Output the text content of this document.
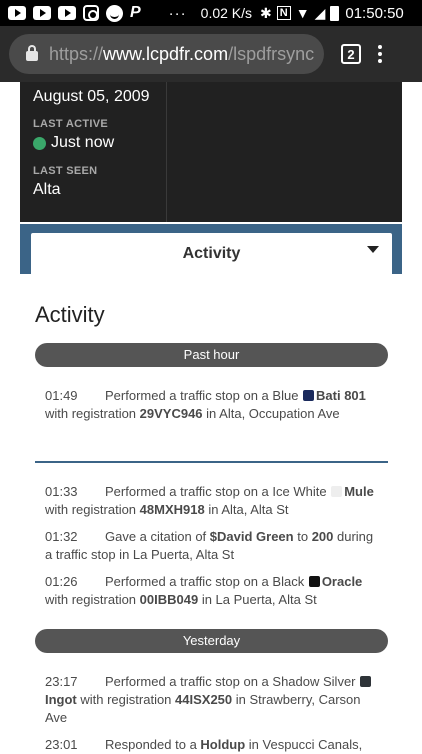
P ··· 0.02 K/s ✱ N ▼ ◢ 01:50:50
https://www.lcpdfr.com/lspdfrsync	2
August 05, 2009
LAST ACTIVE
Just now
LAST SEEN
Alta
Activity
Activity
Past hour
01:49 Performed a traffic stop on a Blue Bati 801 with registration 29VYC946 in Alta, Occupation Ave
01:33 Performed a traffic stop on a Ice White Mule with registration 48MXH918 in Alta, Alta St
01:32 Gave a citation of $David Green to 200 during a traffic stop in La Puerta, Alta St
01:26 Performed a traffic stop on a Black Oracle with registration 00IBB049 in La Puerta, Alta St
Yesterday
23:17 Performed a traffic stop on a Shadow Silver Ingot with registration 44ISX250 in Strawberry, Carson Ave
23:01 Responded to a Holdup in Vespucci Canals,
